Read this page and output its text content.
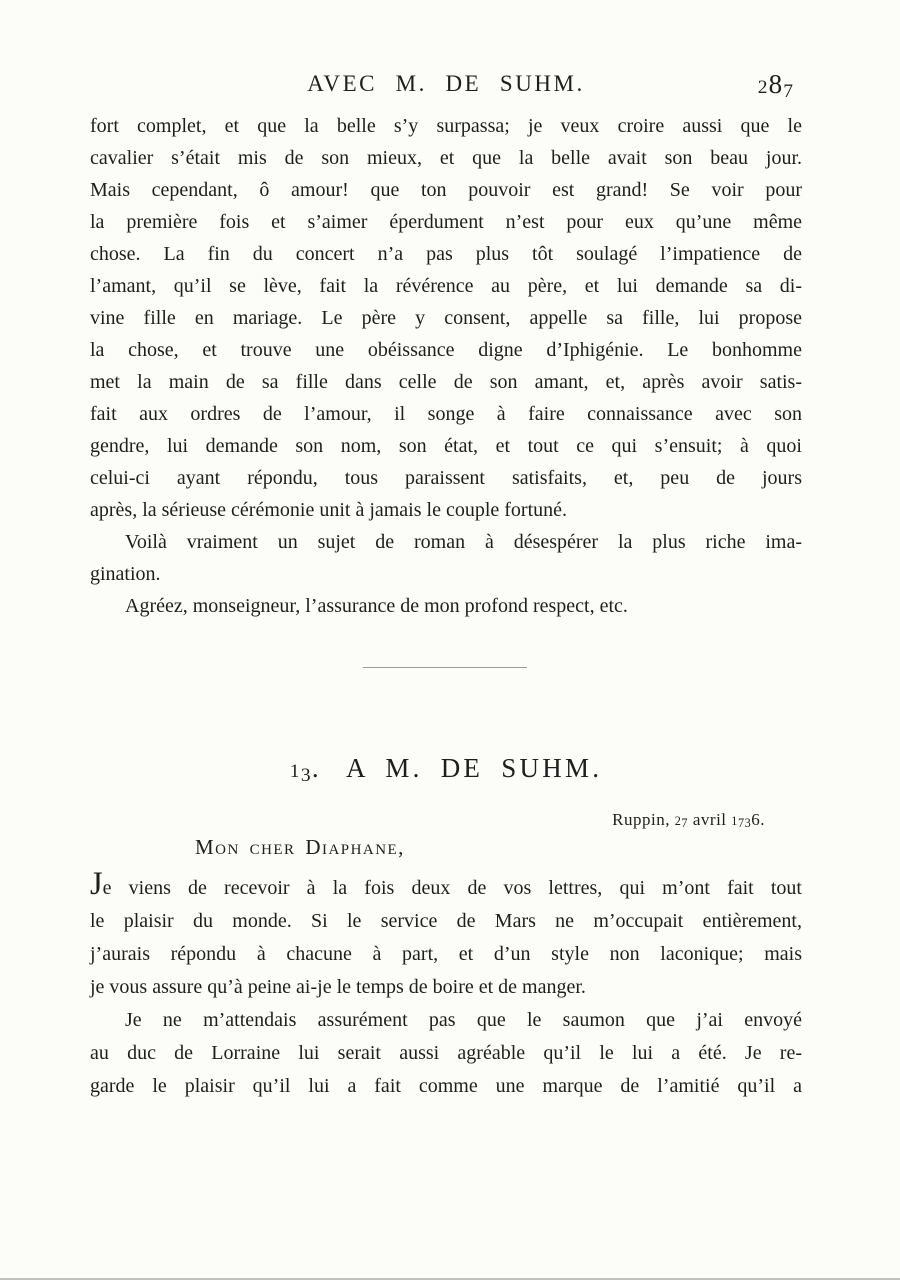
AVEC M. DE SUHM.	287
fort complet, et que la belle s’y surpassa; je veux croire aussi que le
cavalier s’était mis de son mieux, et que la belle avait son beau jour.
Mais cependant, ô amour! que ton pouvoir est grand! Se voir pour
la première fois et s’aimer éperdument n’est pour eux qu’une même
chose. La fin du concert n’a pas plus tôt soulagé l’impatience de
l’amant, qu’il se lève, fait la révérence au père, et lui demande sa di-
vine fille en mariage. Le père y consent, appelle sa fille, lui propose
la chose, et trouve une obéissance digne d’Iphigénie. Le bonhomme
met la main de sa fille dans celle de son amant, et, après avoir satis-
fait aux ordres de l’amour, il songe à faire connaissance avec son
gendre, lui demande son nom, son état, et tout ce qui s’ensuit; à quoi
celui-ci ayant répondu, tous paraissent satisfaits, et, peu de jours
après, la sérieuse cérémonie unit à jamais le couple fortuné.
Voilà vraiment un sujet de roman à désespérer la plus riche ima-
gination.
Agréez, monseigneur, l’assurance de mon profond respect, etc.
13. A M. DE SUHM.
Ruppin, 27 avril 1736.
Mon cher Diaphane,
Je viens de recevoir à la fois deux de vos lettres, qui m’ont fait tout
le plaisir du monde. Si le service de Mars ne m’occupait entièrement,
j’aurais répondu à chacune à part, et d’un style non laconique; mais
je vous assure qu’à peine ai-je le temps de boire et de manger.
Je ne m’attendais assurément pas que le saumon que j’ai envoyé
au duc de Lorraine lui serait aussi agréable qu’il le lui a été. Je re-
garde le plaisir qu’il lui a fait comme une marque de l’amitié qu’il a
